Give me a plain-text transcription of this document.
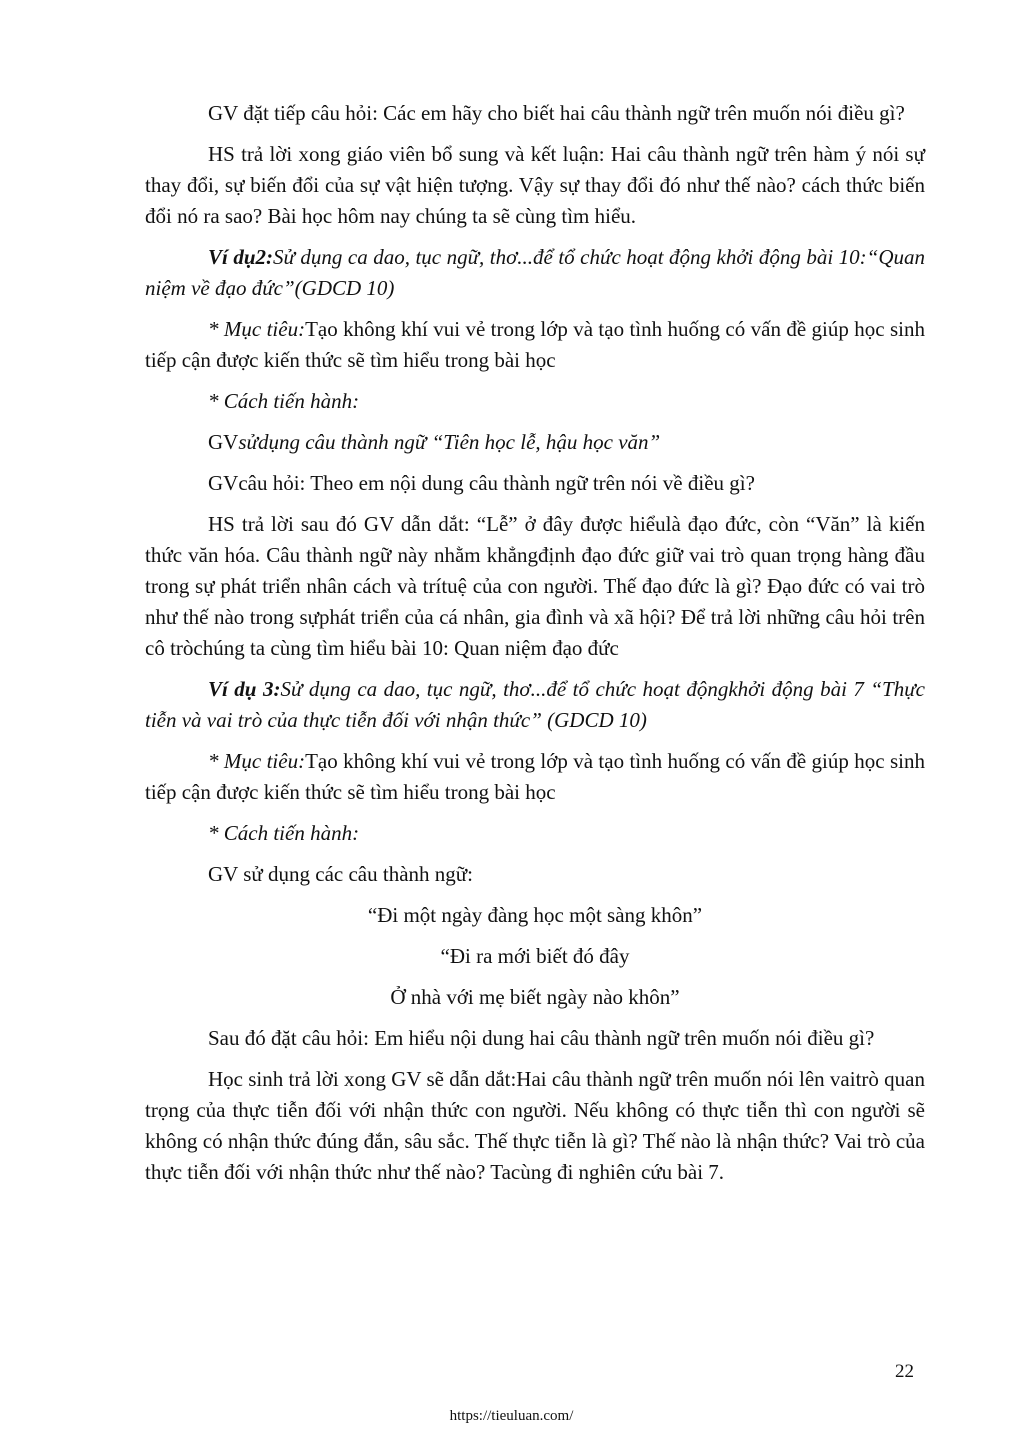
GV đặt tiếp câu hỏi: Các em hãy cho biết hai câu thành ngữ trên muốn nói điều gì?

HS trả lời xong giáo viên bổ sung và kết luận: Hai câu thành ngữ trên hàm ý nói sự thay đổi, sự biến đổi của sự vật hiện tượng. Vậy sự thay đổi đó như thế nào? cách thức biến đổi nó ra sao? Bài học hôm nay chúng ta sẽ cùng tìm hiểu.

Ví dụ2:Sử dụng ca dao, tục ngữ, thơ...để tổ chức hoạt động khởi động bài 10:“Quan niệm về đạo đức”(GDCD 10)

* Mục tiêu:Tạo không khí vui vẻ trong lớp và tạo tình huống có vấn đề giúp học sinh tiếp cận được kiến thức sẽ tìm hiểu trong bài học

* Cách tiến hành:

GVsửdụng câu thành ngữ “Tiên học lễ, hậu học văn”

GVcâu hỏi: Theo em nội dung câu thành ngữ trên nói về điều gì?

HS trả lời sau đó GV dẫn dắt: “Lễ” ở đây được hiểulà đạo đức, còn “Văn” là kiến thức văn hóa. Câu thành ngữ này nhằm khẳngđịnh đạo đức giữ vai trò quan trọng hàng đầu trong sự phát triển nhân cách và trítuệ của con người. Thế đạo đức là gì? Đạo đức có vai trò như thế nào trong sựphát triển của cá nhân, gia đình và xã hội? Để trả lời những câu hỏi trên cô tròchúng ta cùng tìm hiểu bài 10: Quan niệm đạo đức

Ví dụ 3:Sử dụng ca dao, tục ngữ, thơ...để tổ chức hoạt độngkhởi động bài 7 “Thực tiễn và vai trò của thực tiễn đối với nhận thức” (GDCD 10)

* Mục tiêu:Tạo không khí vui vẻ trong lớp và tạo tình huống có vấn đề giúp học sinh tiếp cận được kiến thức sẽ tìm hiểu trong bài học

* Cách tiến hành:

GV sử dụng các câu thành ngữ:

“Đi một ngày đàng học một sàng khôn”

“Đi ra mới biết đó đây

Ở nhà với mẹ biết ngày nào khôn”

Sau đó đặt câu hỏi: Em hiểu nội dung hai câu thành ngữ trên muốn nói điều gì?

Học sinh trả lời xong GV sẽ dẫn dắt:Hai câu thành ngữ trên muốn nói lên vaitrò quan trọng của thực tiễn đối với nhận thức con người. Nếu không có thực tiễn thì con người sẽ không có nhận thức đúng đắn, sâu sắc. Thế thực tiễn là gì? Thế nào là nhận thức? Vai trò của thực tiễn đối với nhận thức như thế nào? Tacùng đi nghiên cứu bài 7.

22
https://tieuluan.com/
